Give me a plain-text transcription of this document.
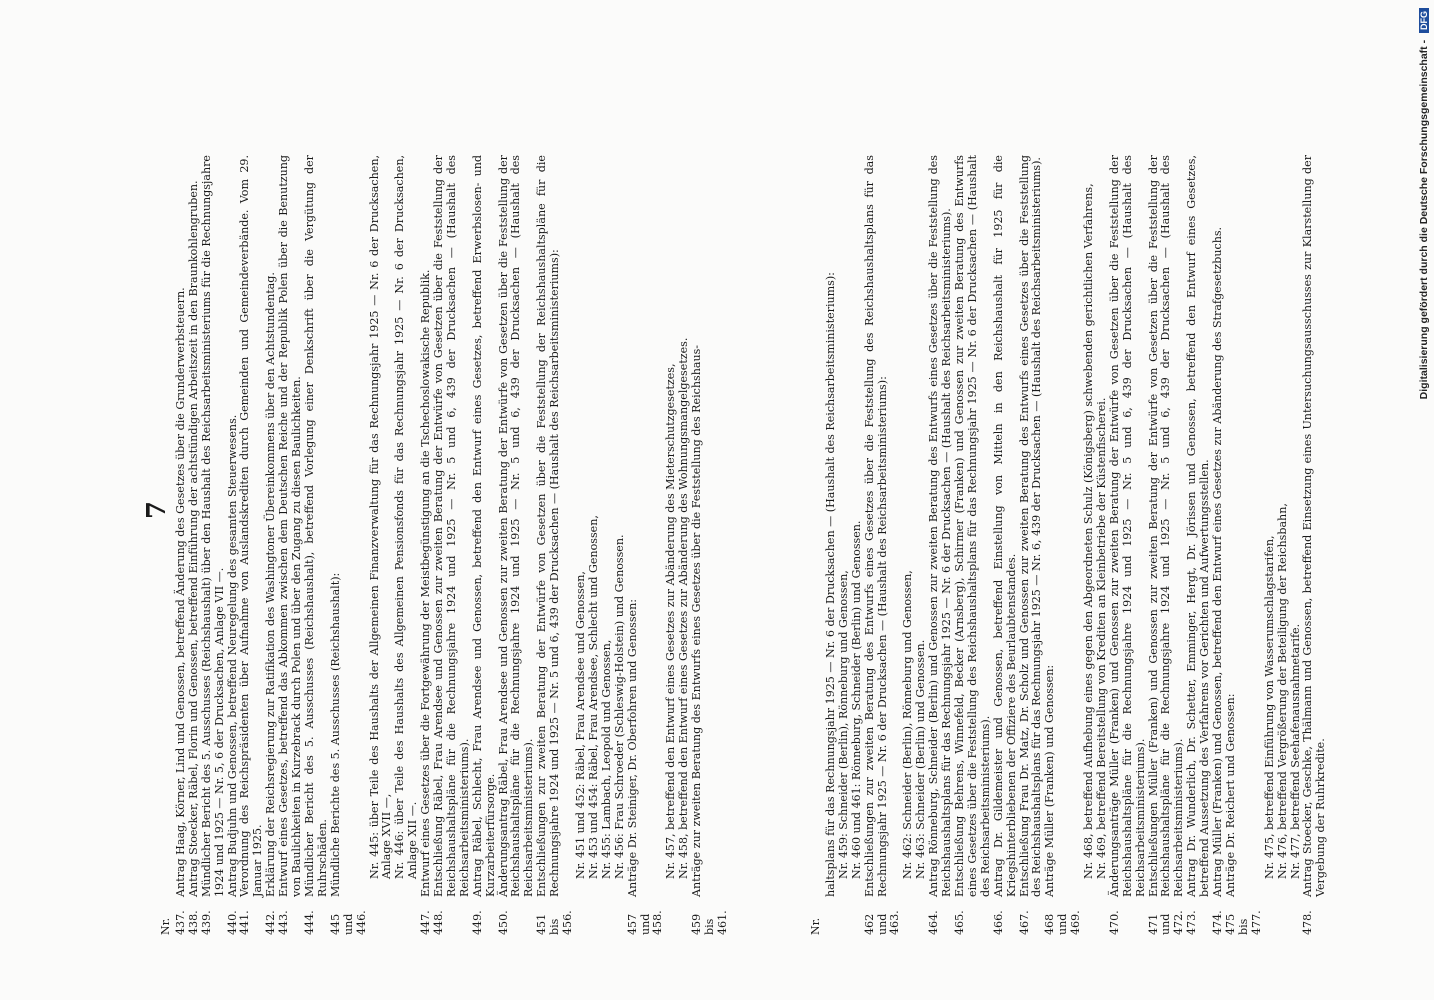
7
Nr. 437.
Antrag Haag, Körner, Lind und Genossen, betreffend Änderung des Gesetzes über die Grunderwerbsteuern.
438.
Antrag Stoecker, Räbel, Florin und Genossen, betreffend Einführung der achtstündigen Arbeitszeit in den Braunkohlengruben.
439.
Mündlicher Bericht des 5. Ausschusses (Reichshaushalt) über den Haushalt des Reichsarbeitsministeriums für die Rechnungsjahre 1924 und 1925 — Nr. 5, 6 der Drucksachen, Anlage VII —.
440.
Antrag Budjuhn und Genossen, betreffend Neuregelung des gesamten Steuerwesens.
441.
Verordnung des Reichspräsidenten über Aufnahme von Auslandskrediten durch Gemeinden und Gemeindeverbände. Vom 29. Januar 1925.
442.
Erklärung der Reichsregierung zur Ratifikation des Washingtoner Übereinkommens über den Achtstundentag.
443.
Entwurf eines Gesetzes, betreffend das Abkommen zwischen dem Deutschen Reiche und der Republik Polen über die Benutzung von Baulichkeiten in Kurzebrack durch Polen und über den Zugang zu diesen Baulichkeiten.
444.
Mündlicher Bericht des 5. Ausschusses (Reichshaushalt), betreffend Vorlegung einer Denkschrift über die Vergütung der Ruhrschäden.
445 und 446.
Mündliche Berichte des 5. Ausschusses (Reichshaushalt):	Nr. 445: über Teile des Haushalts der Allgemeinen Finanzverwaltung für das Rechnungsjahr 1925 — Nr. 6 der Drucksachen, Anlage XVII —, Nr. 446: über Teile des Haushalts des Allgemeinen Pensionsfonds für das Rechnungsjahr 1925 — Nr. 6 der Drucksachen, Anlage XII —.
447.
Entwurf eines Gesetzes über die Fortgewährung der Meistbegünstigung an die Tschechoslowakische Republik.
448.
Entschließung Räbel, Frau Arendsee und Genossen zur zweiten Beratung der Entwürfe von Gesetzen über die Feststellung der Reichshaushaltspläne für die Rechnungsjahre 1924 und 1925 — Nr. 5 und 6, 439 der Drucksachen — (Haushalt des Reichsarbeitsministeriums).
449.
Antrag Räbel, Schlecht, Frau Arendsee und Genossen, betreffend den Entwurf eines Gesetzes, betreffend Erwerbslosen- und Kurzarbeiterfürsorge.
450.
Änderungsantrag Räbel, Frau Arendsee und Genossen zur zweiten Beratung der Entwürfe von Gesetzen über die Feststellung der Reichshaushaltspläne für die Rechnungsjahre 1924 und 1925 — Nr. 5 und 6, 439 der Drucksachen — (Haushalt des Reichsarbeitsministeriums).
451 bis 456.
Entschließungen zur zweiten Beratung der Entwürfe von Gesetzen über die Feststellung der Reichshaushaltspläne für die Rechnungsjahre 1924 und 1925 — Nr. 5 und 6, 439 der Drucksachen — (Haushalt des Reichsarbeitsministeriums):	Nr. 451 und 452: Räbel, Frau Arendsee und Genossen, Nr. 453 und 454: Räbel, Frau Arendsee, Schlecht und Genossen, Nr. 455: Lambach, Leopold und Genossen, Nr. 456: Frau Schroeder (Schleswig-Holstein) und Genossen.
457 und 458.
Anträge Dr. Steiniger, Dr. Oberfohren und Genossen:	Nr. 457, betreffend den Entwurf eines Gesetzes zur Abänderung des Mieterschutzgesetzes, Nr. 458, betreffend den Entwurf eines Gesetzes zur Abänderung des Wohnungsmangelgesetzes.
459 bis 461.
Anträge zur zweiten Beratung des Entwurfs eines Gesetzes über die Feststellung des Reichshaus-
Nr.
haltsplans für das Rechnungsjahr 1925 — Nr. 6 der Drucksachen — (Haushalt des Reichsarbeitsministeriums): Nr. 459: Schneider (Berlin), Rönneburg und Genossen, Nr. 460 und 461: Rönneburg, Schneider (Berlin) und Genossen.
462 und 463.
Entschließungen zur zweiten Beratung des Entwurfs eines Gesetzes über die Feststellung des Reichshaushaltsplans für das Rechnungsjahr 1925 — Nr. 6 der Drucksachen — (Haushalt des Reichsarbeitsministeriums):	Nr. 462: Schneider (Berlin), Rönneburg und Genossen, Nr. 463: Schneider (Berlin) und Genossen.
464.
Antrag Rönneburg, Schneider (Berlin) und Genossen zur zweiten Beratung des Entwurfs eines Gesetzes über die Feststellung des Reichshaushaltsplans für das Rechnungsjahr 1925 — Nr. 6 der Drucksachen — (Haushalt des Reichsarbeitsministeriums).
465.
Entschließung Behrens, Winnefeld, Becker (Arnsberg), Schirmer (Franken) und Genossen zur zweiten Beratung des Entwurfs eines Gesetzes über die Feststellung des Reichshaushaltsplans für das Rechnungsjahr 1925 — Nr. 6 der Drucksachen — (Haushalt des Reichsarbeitsministeriums).
466.
Antrag Dr. Gildemeister und Genossen, betreffend Einstellung von Mitteln in den Reichshaushalt für 1925 für die Kriegshinterbliebenen der Offiziere des Beurlaubtenstandes.
467.
Entschließung Frau Dr. Matz, Dr. Scholz und Genossen zur zweiten Beratung des Entwurfs eines Gesetzes über die Feststellung des Reichshaushaltsplans für das Rechnungsjahr 1925 — Nr. 6, 439 der Drucksachen — (Haushalt des Reichsarbeitsministeriums).
468 und 469.
Anträge Müller (Franken) und Genossen:	Nr. 468, betreffend Aufhebung eines gegen den Abgeordneten Schulz (Königsberg) schwebenden gerichtlichen Verfahrens, Nr. 469, betreffend Bereitstellung von Krediten an Kleinbetriebe der Küstenfischerei.
470.
Änderungsanträge Müller (Franken) und Genossen zur zweiten Beratung der Entwürfe von Gesetzen über die Feststellung der Reichshaushaltspläne für die Rechnungsjahre 1924 und 1925 — Nr. 5 und 6, 439 der Drucksachen — (Haushalt des Reichsarbeitsministeriums).
471 und 472.
Entschließungen Müller (Franken) und Genossen zur zweiten Beratung der Entwürfe von Gesetzen über die Feststellung der Reichshaushaltspläne für die Rechnungsjahre 1924 und 1925 — Nr. 5 und 6, 439 der Drucksachen — (Haushalt des Reichsarbeitsministeriums).
473.
Antrag Dr. Wunderlich, Dr. Schetter, Emminger, Hergt, Dr. Jörissen und Genossen, betreffend den Entwurf eines Gesetzes, betreffend Aussetzung des Verfahrens vor Gerichten und Aufwertungsstellen.
474.
Antrag Müller (Franken) und Genossen, betreffend den Entwurf eines Gesetzes zur Abänderung des Strafgesetzbuchs.
475 bis 477.
Anträge Dr. Reichert und Genossen:	Nr. 475, betreffend Einführung von Wasserumschlagstarifen, Nr. 476, betreffend Vergrößerung der Beteiligung der Reichsbahn, Nr. 477, betreffend Seehafenausnahmetarife.
478.
Antrag Stoecker, Geschke, Thälmann und Genossen, betreffend Einsetzung eines Untersuchungsausschusses zur Klarstellung der Vergebung der Ruhrkredite.
Digitalisierung gefördert durch die Deutsche Forschungsgemeinschaft - DFG
